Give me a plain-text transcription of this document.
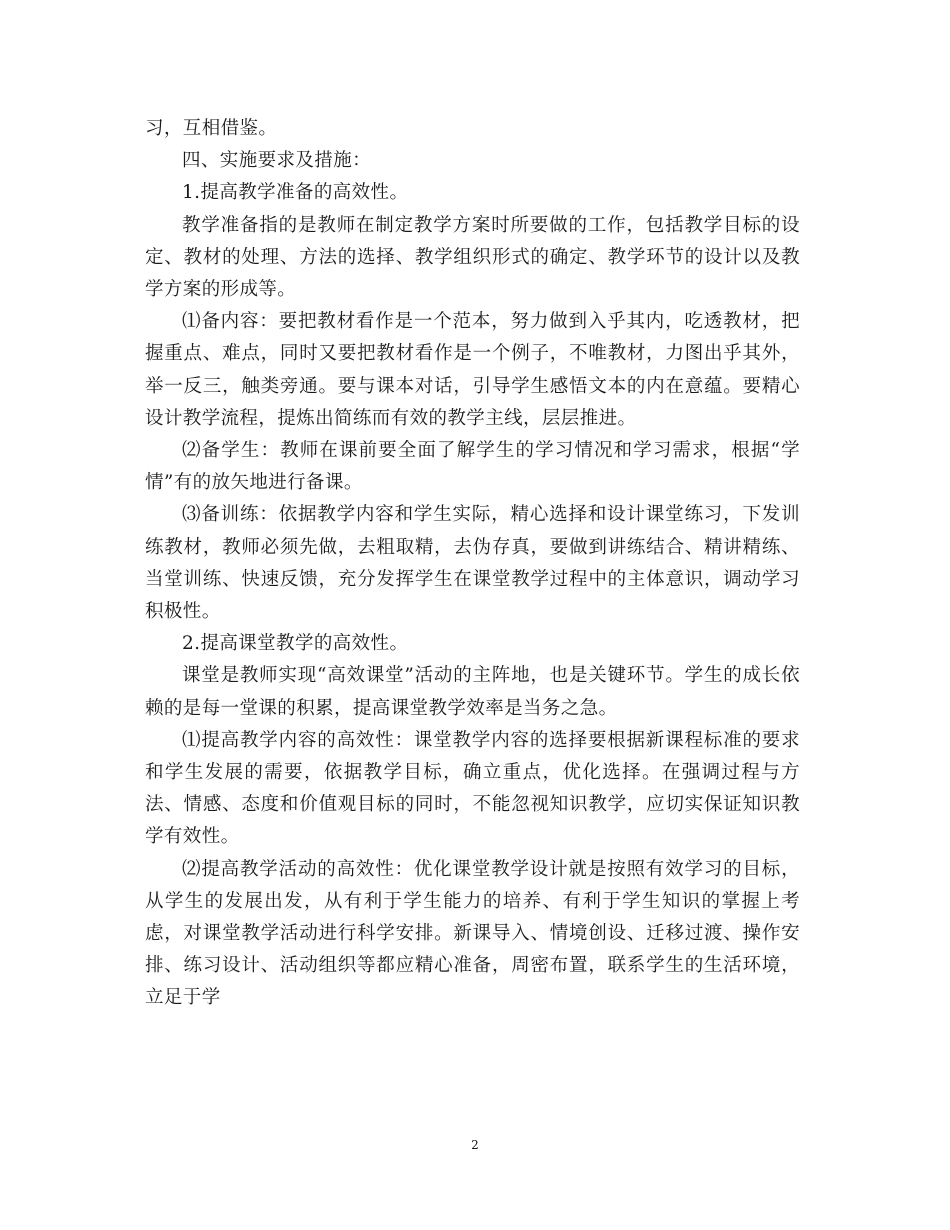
习，互相借鉴。

四、实施要求及措施：

1.提高教学准备的高效性。

教学准备指的是教师在制定教学方案时所要做的工作，包括教学目标的设定、教材的处理、方法的选择、教学组织形式的确定、教学环节的设计以及教学方案的形成等。

⑴备内容：要把教材看作是一个范本，努力做到入乎其内，吃透教材，把握重点、难点，同时又要把教材看作是一个例子，不唯教材，力图出乎其外，举一反三，触类旁通。要与课本对话，引导学生感悟文本的内在意蕴。要精心设计教学流程，提炼出简练而有效的教学主线，层层推进。

⑵备学生：教师在课前要全面了解学生的学习情况和学习需求，根据“学情”有的放矢地进行备课。

⑶备训练：依据教学内容和学生实际，精心选择和设计课堂练习，下发训练教材，教师必须先做，去粗取精，去伪存真，要做到讲练结合、精讲精练、当堂训练、快速反馈，充分发挥学生在课堂教学过程中的主体意识，调动学习积极性。

2.提高课堂教学的高效性。

课堂是教师实现“高效课堂”活动的主阵地，也是关键环节。学生的成长依赖的是每一堂课的积累，提高课堂教学效率是当务之急。

⑴提高教学内容的高效性：课堂教学内容的选择要根据新课程标准的要求和学生发展的需要，依据教学目标，确立重点，优化选择。在强调过程与方法、情感、态度和价值观目标的同时，不能忽视知识教学，应切实保证知识教学有效性。

⑵提高教学活动的高效性：优化课堂教学设计就是按照有效学习的目标，从学生的发展出发，从有利于学生能力的培养、有利于学生知识的掌握上考虑，对课堂教学活动进行科学安排。新课导入、情境创设、迁移过渡、操作安排、练习设计、活动组织等都应精心准备，周密布置，联系学生的生活环境，立足于学

2
